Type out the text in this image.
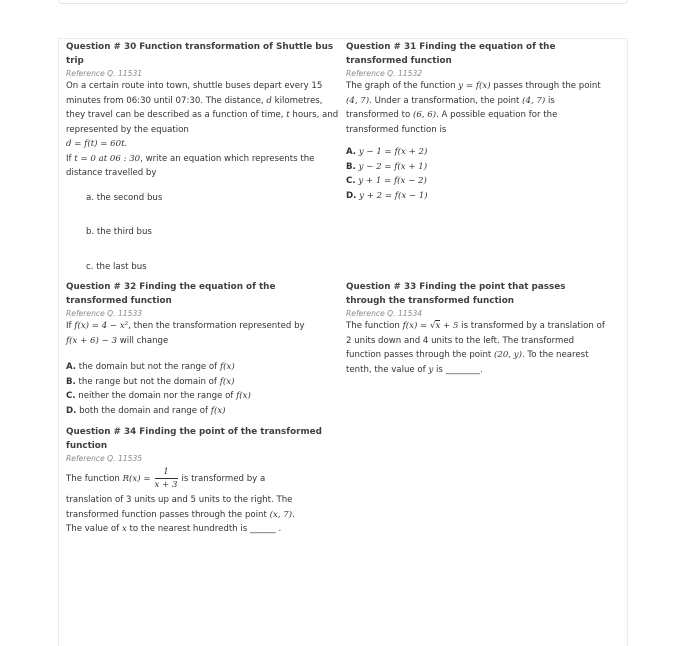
Question # 30 Function transformation of Shuttle bus trip
Reference Q. 11531
On a certain route into town, shuttle buses depart every 15 minutes from 06:30 until 07:30. The distance, d kilometres, they travel can be described as a function of time, t hours, and represented by the equation
d = f(t) = 60t.
If t = 0 at 06 : 30, write an equation which represents the distance travelled by
a. the second bus
b. the third bus
c. the last bus
Question # 31 Finding the equation of the transformed function
Reference Q. 11532
The graph of the function y = f(x) passes through the point (4, 7). Under a transformation, the point (4, 7) is transformed to (6, 6). A possible equation for the transformed function is
A. y − 1 = f(x + 2)
B. y − 2 = f(x + 1)
C. y + 1 = f(x − 2)
D. y + 2 = f(x − 1)
Question # 32 Finding the equation of the transformed function
Reference Q. 11533
If f(x) = 4 − x², then the transformation represented by
f(x + 6) − 3 will change
A. the domain but not the range of f(x)
B. the range but not the domain of f(x)
C. neither the domain nor the range of f(x)
D. both the domain and range of f(x)
Question # 33 Finding the point that passes through the transformed function
Reference Q. 11534
The function f(x) = √x + 5 is transformed by a translation of 2 units down and 4 units to the left. The transformed function passes through the point (20, y). To the nearest tenth, the value of y is ________.
Question # 34 Finding the point of the transformed function
Reference Q. 11535
The function $R(x) = \frac{1}{x + 3}$ is transformed by a
translation of 3 units up and 5 units to the right. The transformed function passes through the point (x, 7).
The value of x to the nearest hundredth is ______ .
